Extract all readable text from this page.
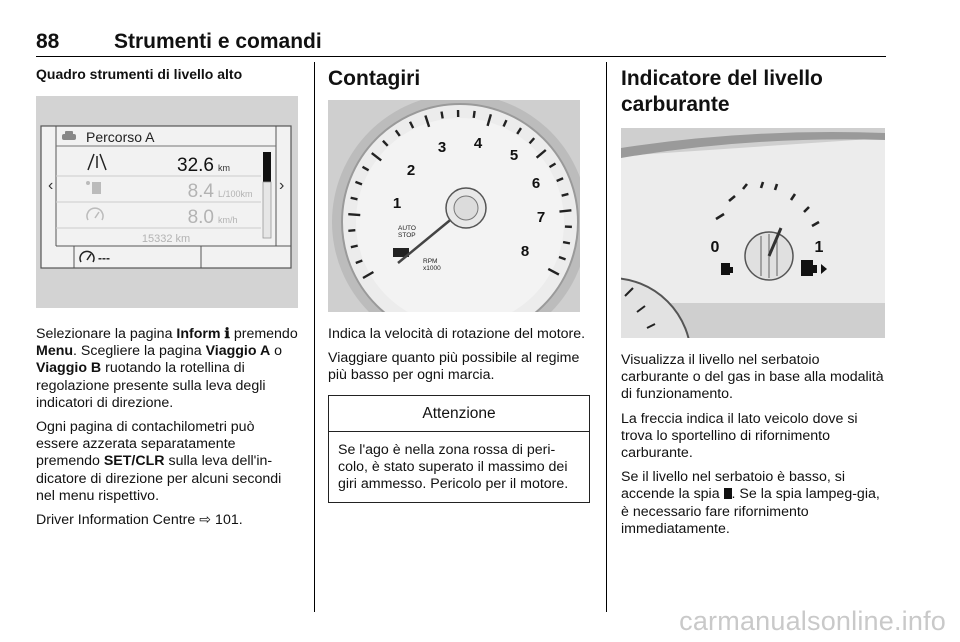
88	Strumenti e comandi
Quadro strumenti di livello alto
‹	›
Percorso A
32.6 km
8.4 L/100km
8.0 km/h
15332 km
---

Selezionare la pagina Inform ℹ premendo Menu. Scegliere la pagina Viaggio A o Viaggio B ruotando la rotellina di regolazione presente sulla leva degli indicatori di direzione.

Ogni pagina di contachilometri può essere azzerata separatamente premendo SET/CLR sulla leva dell'in-dicatore di direzione per alcuni secondi nel menu rispettivo.

Driver Information Centre ⇨ 101.

Contagiri
1
2
3 4
5
6
7
8
AUTO
STOP
RPM
x1000

Indica la velocità di rotazione del motore.

Viaggiare quanto più possibile al regime più basso per ogni marcia.

Attenzione
Se l'ago è nella zona rossa di peri-colo, è stato superato il massimo dei giri ammesso. Pericolo per il motore.
Indicatore del livello carburante
0	1

Visualizza il livello nel serbatoio carburante o del gas in base alla modalità di funzionamento.

La freccia indica il lato veicolo dove si trova lo sportellino di rifornimento carburante.

Se il livello nel serbatoio è basso, si accende la spia . Se la spia lampeg-gia, è necessario fare rifornimento immediatamente.

carmanualsonline.info
